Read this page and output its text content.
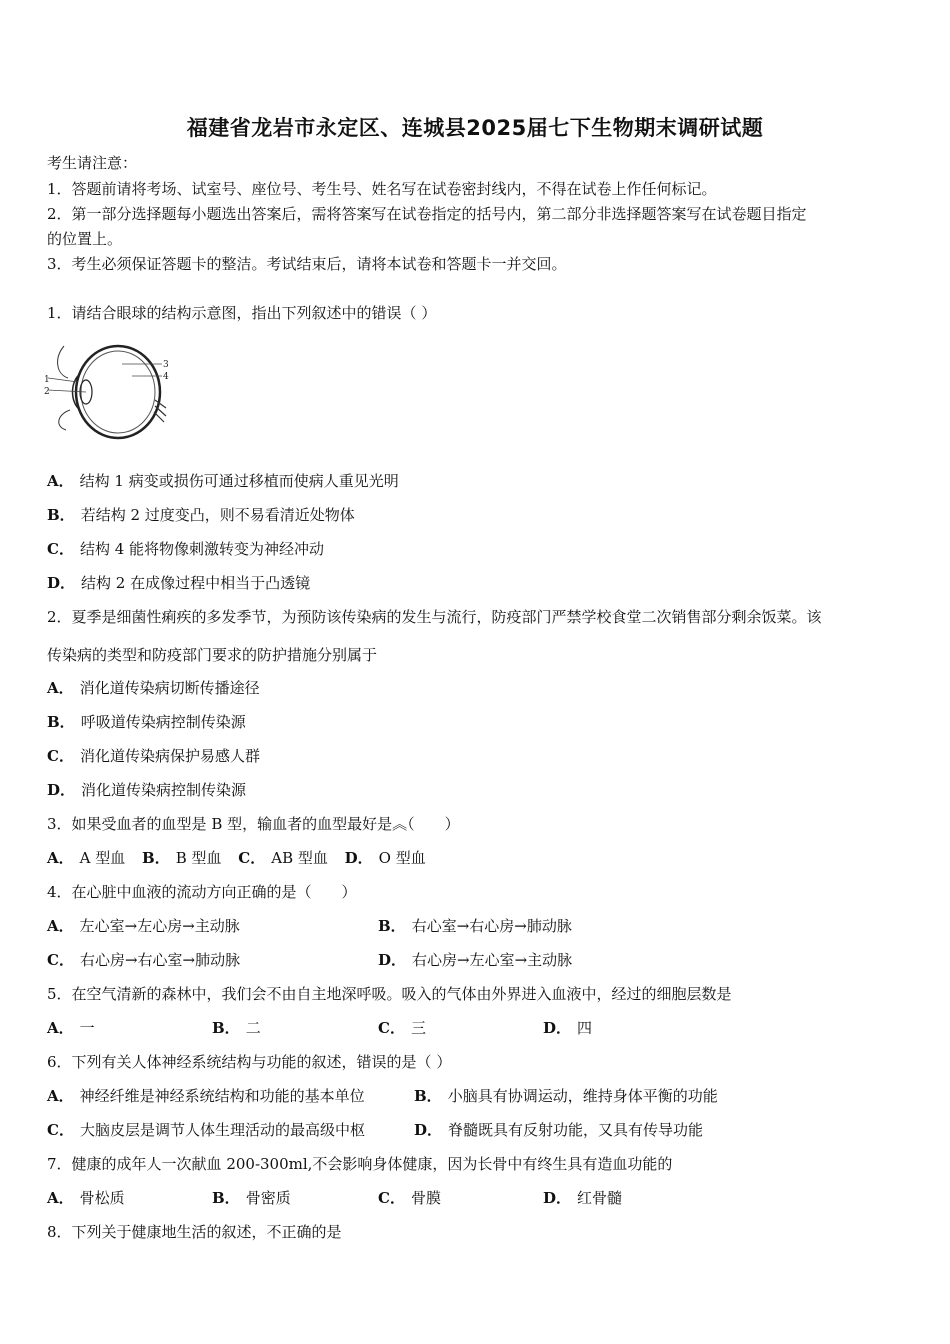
福建省龙岩市永定区、连城县2025届七下生物期末调研试题
考生请注意：
1．答题前请将考场、试室号、座位号、考生号、姓名写在试卷密封线内，不得在试卷上作任何标记。
2．第一部分选择题每小题选出答案后，需将答案写在试卷指定的括号内，第二部分非选择题答案写在试卷题目指定
的位置上。
3．考生必须保证答题卡的整洁。考试结束后，请将本试卷和答题卡一并交回。
1．请结合眼球的结构示意图，指出下列叙述中的错误（ ）
1
2
3
4
A． 结构 1 病变或损伤可通过移植而使病人重见光明
B． 若结构 2 过度变凸，则不易看清近处物体
C． 结构 4 能将物像刺激转变为神经冲动
D． 结构 2 在成像过程中相当于凸透镜
2．夏季是细菌性痢疾的多发季节，为预防该传染病的发生与流行，防疫部门严禁学校食堂二次销售部分剩余饭菜。该
传染病的类型和防疫部门要求的防护措施分别属于
A． 消化道传染病切断传播途径
B． 呼吸道传染病控制传染源
C． 消化道传染病保护易感人群
D． 消化道传染病控制传染源
3．如果受血者的血型是 B 型，输血者的血型最好是︽（　　）
A． A 型血 B． B 型血 C． AB 型血 D． O 型血
4．在心脏中血液的流动方向正确的是（　　）
A． 左心室→左心房→主动脉	B． 右心室→右心房→肺动脉
C． 右心房→右心室→肺动脉	D． 右心房→左心室→主动脉
5．在空气清新的森林中，我们会不由自主地深呼吸。吸入的气体由外界进入血液中，经过的细胞层数是
A． 一	B． 二	C． 三	D． 四
6．下列有关人体神经系统结构与功能的叙述，错误的是（ ）
A． 神经纤维是神经系统结构和功能的基本单位	B． 小脑具有协调运动，维持身体平衡的功能
C． 大脑皮层是调节人体生理活动的最高级中枢	D． 脊髓既具有反射功能，又具有传导功能
7．健康的成年人一次献血 200-300ml,不会影响身体健康，因为长骨中有终生具有造血功能的
A． 骨松质	B． 骨密质	C． 骨膜	D． 红骨髓
8．下列关于健康地生活的叙述，不正确的是
